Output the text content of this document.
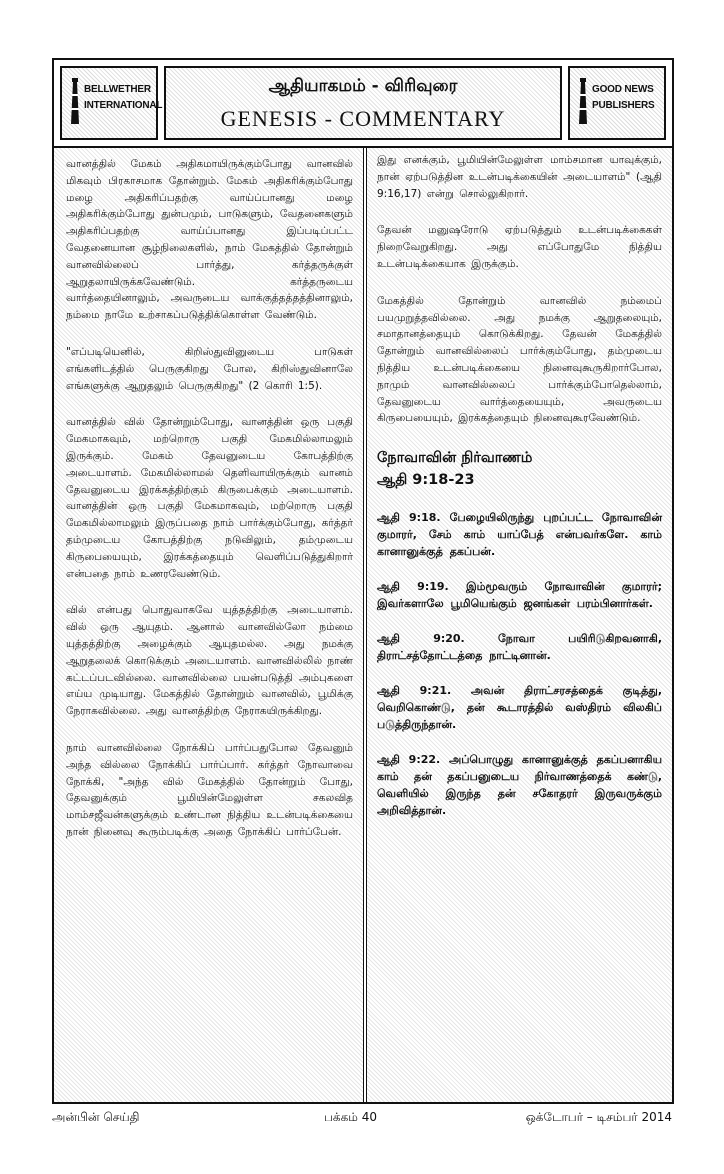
BELLWETHER
INTERNATIONAL
ஆதியாகமம் - விரிவுரை
GENESIS - COMMENTARY
GOOD NEWS
PUBLISHERS

வானத்தில் மேகம் அதிகமாயிருக்கும்போது வானவில் மிகவும் பிரகாசமாக தோன்றும். மேகம் அதிகரிக்கும்போது மழை அதிகரிப்பதற்கு வாய்ப்பானது மழை அதிகரிக்கும்போது துன்பமும், பாடுகளும், வேதனைகளும் அதிகரிப்பதற்கு வாய்ப்பானது இப்படிப்பட்ட வேதனையான சூழ்நிலைகளில், நாம் மேகத்தில் தோன்றும் வானவில்லைப் பார்த்து, கர்த்தருக்குள் ஆறுதலாயிருக்கவேண்டும். கர்த்தருடைய வார்த்தையினாலும், அவருடைய வாக்குத்தத்தத்தினாலும், நம்மை நாமே உற்சாகப்படுத்திக்கொள்ள வேண்டும்.

"எப்படியெனில், கிறிஸ்துவினுடைய பாடுகள் எங்களிடத்தில் பெருகுகிறது போல, கிறிஸ்துவினாலே எங்களுக்கு ஆறுதலும் பெருகுகிறது" (2 கொரி 1:5).

வானத்தில் வில் தோன்றும்போது, வானத்தின் ஒரு பகுதி மேகமாகவும், மற்றொரு பகுதி மேகமில்லாமலும் இருக்கும். மேகம் தேவனுடைய கோபத்திற்கு அடையாளம். மேகமில்லாமல் தெளிவாயிருக்கும் வானம் தேவனுடைய இரக்கத்திற்கும் கிருபைக்கும் அடையாளம். வானத்தின் ஒரு பகுதி மேகமாகவும், மற்றொரு பகுதி மேகமில்லாமலும் இருப்பதை நாம் பார்க்கும்போது, கர்த்தர் தம்முடைய கோபத்திற்கு நடுவிலும், தம்முடைய கிருபையையும், இரக்கத்தையும் வெளிப்படுத்துகிறார் என்பதை நாம் உணரவேண்டும்.

வில் என்பது பொதுவாகவே யுத்தத்திற்கு அடையாளம். வில் ஒரு ஆயுதம். ஆனால் வானவில்லோ நம்மை யுத்தத்திற்கு அழைக்கும் ஆயுதமல்ல. அது நமக்கு ஆறுதலைக் கொடுக்கும் அடையாளம். வானவில்லில் நாண் கட்டப்படவில்லை. வானவில்லை பயன்படுத்தி அம்புகளை எய்ய முடியாது. மேகத்தில் தோன்றும் வானவில், பூமிக்கு நேராகவில்லை. அது வானத்திற்கு நேராகயிருக்கிறது.

நாம் வானவில்லை நோக்கிப் பார்ப்பதுபோல தேவனும் அந்த வில்லை நோக்கிப் பார்ப்பார். கர்த்தர் நோவாவை நோக்கி, "அந்த வில் மேகத்தில் தோன்றும் போது, தேவனுக்கும் பூமியின்மேலுள்ள சகலவித மாம்சஜீவன்களுக்கும் உண்டான நித்திய உடன்படிக்கையை நான் நினைவு கூரும்படிக்கு அதை நோக்கிப் பார்ப்பேன்.

இது எனக்கும், பூமியின்மேலுள்ள மாம்சமான யாவுக்கும், நான் ஏற்படுத்தின உடன்படிக்கையின் அடையாளம்" (ஆதி 9:16,17) என்று சொல்லுகிறார்.

தேவன் மனுஷரோடு ஏற்படுத்தும் உடன்படிக்கைகள் நிறைவேறுகிறது. அது எப்போதுமே நித்திய உடன்படிக்கையாக இருக்கும்.

மேகத்தில் தோன்றும் வானவில் நம்மைப் பயமுறுத்தவில்லை. அது நமக்கு ஆறுதலையும், சமாதானத்தையும் கொடுக்கிறது. தேவன் மேகத்தில் தோன்றும் வானவில்லைப் பார்க்கும்போது, தம்முடைய நித்திய உடன்படிக்கையை நினைவுகூருகிறார்போல, நாமும் வானவில்லைப் பார்க்கும்போதெல்லாம், தேவனுடைய வார்த்தையையும், அவருடைய கிருபையையும், இரக்கத்தையும் நினைவுகூரவேண்டும்.

நோவாவின் நிர்வாணம்
ஆதி 9:18-23

ஆதி 9:18. பேழையிலிருந்து புறப்பட்ட நோவாவின் குமாரர், சேம் காம் யாப்பேத் என்பவர்களே. காம் கானானுக்குத் தகப்பன்.

ஆதி 9:19. இம்மூவரும் நோவாவின் குமாரர்; இவர்களாலே பூமியெங்கும் ஜனங்கள் பரம்பினார்கள்.

ஆதி 9:20. நோவா பயிரிடுகிறவனாகி, திராட்சத்தோட்டத்தை நாட்டினான்.

ஆதி 9:21. அவன் திராட்சரசத்தைக் குடித்து, வெறிகொண்டு, தன் கூடாரத்தில் வஸ்திரம் விலகிப் படுத்திருந்தான்.

ஆதி 9:22. அப்பொழுது கானானுக்குத் தகப்பனாகிய காம் தன் தகப்பனுடைய நிர்வாணத்தைக் கண்டு, வெளியில் இருந்த தன் சகோதரர் இருவருக்கும் அறிவித்தான்.

அன்பின் செய்தி	பக்கம் 40	ஒக்டோபர் – டிசம்பர் 2014
